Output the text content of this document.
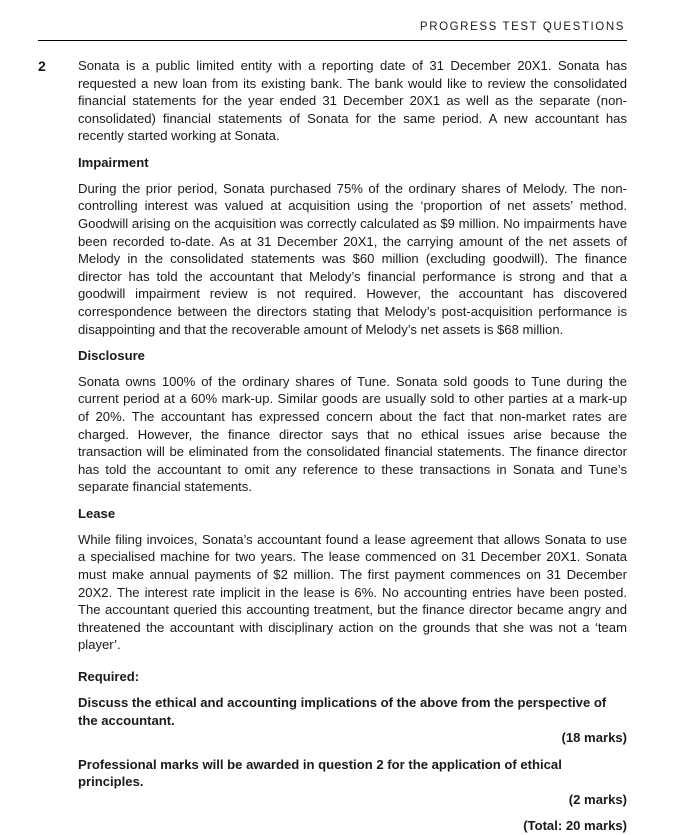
PROGRESS TEST QUESTIONS
2 Sonata is a public limited entity with a reporting date of 31 December 20X1. Sonata has requested a new loan from its existing bank. The bank would like to review the consolidated financial statements for the year ended 31 December 20X1 as well as the separate (non-consolidated) financial statements of Sonata for the same period. A new accountant has recently started working at Sonata.

Impairment

During the prior period, Sonata purchased 75% of the ordinary shares of Melody. The non-controlling interest was valued at acquisition using the ‘proportion of net assets’ method. Goodwill arising on the acquisition was correctly calculated as $9 million. No impairments have been recorded to-date. As at 31 December 20X1, the carrying amount of the net assets of Melody in the consolidated statements was $60 million (excluding goodwill). The finance director has told the accountant that Melody’s financial performance is strong and that a goodwill impairment review is not required. However, the accountant has discovered correspondence between the directors stating that Melody’s post-acquisition performance is disappointing and that the recoverable amount of Melody’s net assets is $68 million.

Disclosure

Sonata owns 100% of the ordinary shares of Tune. Sonata sold goods to Tune during the current period at a 60% mark-up. Similar goods are usually sold to other parties at a mark-up of 20%. The accountant has expressed concern about the fact that non-market rates are charged. However, the finance director says that no ethical issues arise because the transaction will be eliminated from the consolidated financial statements. The finance director has told the accountant to omit any reference to these transactions in Sonata and Tune’s separate financial statements.

Lease

While filing invoices, Sonata’s accountant found a lease agreement that allows Sonata to use a specialised machine for two years. The lease commenced on 31 December 20X1. Sonata must make annual payments of $2 million. The first payment commences on 31 December 20X2. The interest rate implicit in the lease is 6%. No accounting entries have been posted. The accountant queried this accounting treatment, but the finance director became angry and threatened the accountant with disciplinary action on the grounds that she was not a ‘team player’.

Required:

Discuss the ethical and accounting implications of the above from the perspective of the accountant.
(18 marks)
Professional marks will be awarded in question 2 for the application of ethical principles.
(2 marks)

(Total: 20 marks)
